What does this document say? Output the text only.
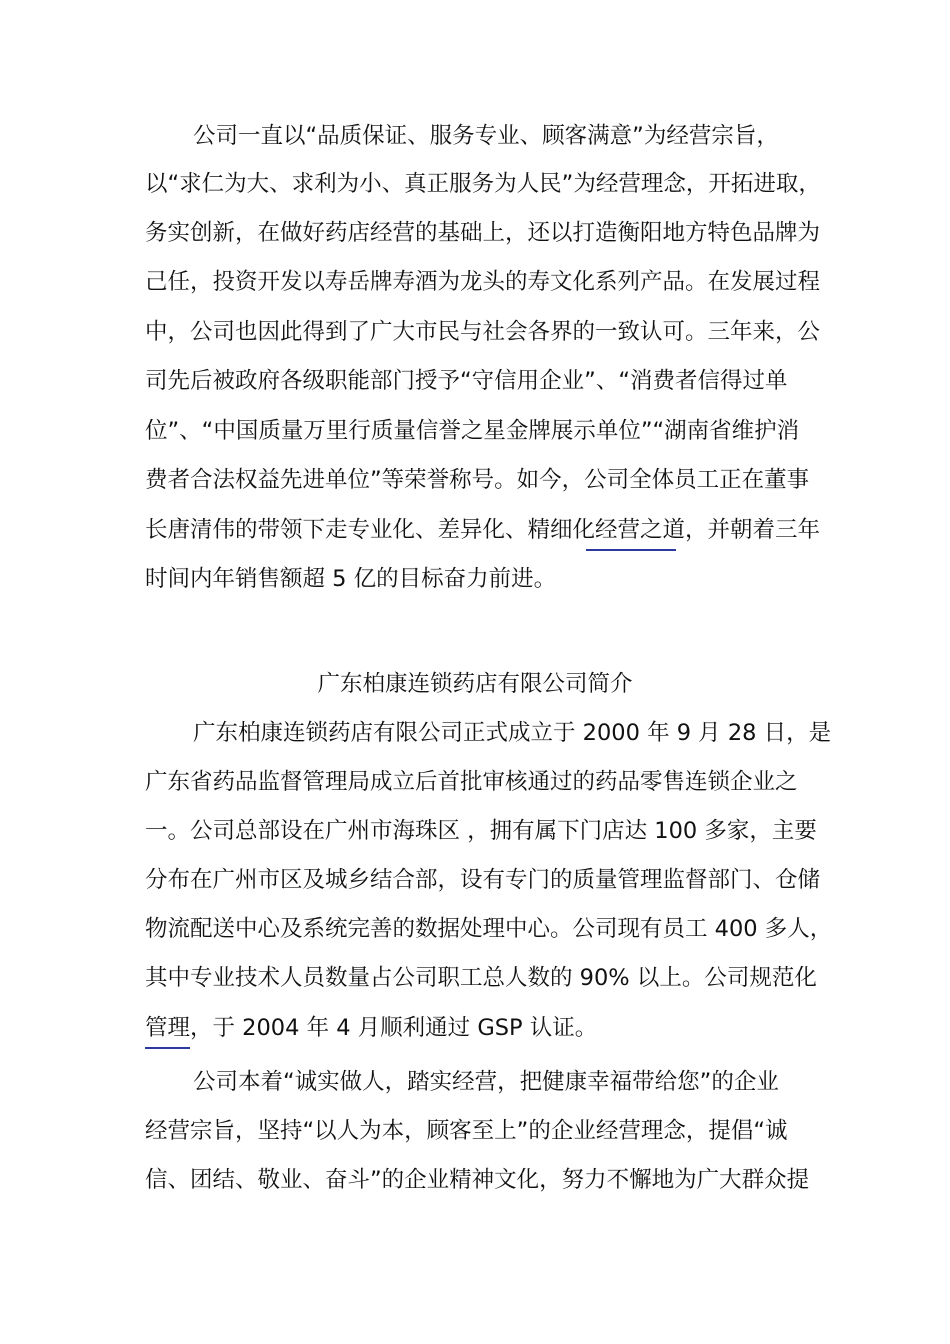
公司一直以“品质保证、服务专业、顾客满意”为经营宗旨，
以“求仁为大、求利为小、真正服务为人民”为经营理念，开拓进取，
务实创新，在做好药店经营的基础上，还以打造衡阳地方特色品牌为
己任，投资开发以寿岳牌寿酒为龙头的寿文化系列产品。在发展过程
中，公司也因此得到了广大市民与社会各界的一致认可。三年来，公
司先后被政府各级职能部门授予“守信用企业”、“消费者信得过单
位”、“中国质量万里行质量信誉之星金牌展示单位”“湖南省维护消
费者合法权益先进单位”等荣誉称号。如今，公司全体员工正在董事
长唐清伟的带领下走专业化、差异化、精细化经营之道，并朝着三年
时间内年销售额超 5 亿的目标奋力前进。
广东柏康连锁药店有限公司简介
广东柏康连锁药店有限公司正式成立于 2000 年 9 月 28 日，是
广东省药品监督管理局成立后首批审核通过的药品零售连锁企业之
一。公司总部设在广州市海珠区 ，拥有属下门店达 100 多家，主要
分布在广州市区及城乡结合部，设有专门的质量管理监督部门、仓储
物流配送中心及系统完善的数据处理中心。公司现有员工 400 多人，
其中专业技术人员数量占公司职工总人数的 90% 以上。公司规范化
管理，于 2004 年 4 月顺利通过 GSP 认证。
公司本着“诚实做人，踏实经营，把健康幸福带给您”的企业
经营宗旨，坚持“以人为本，顾客至上”的企业经营理念，提倡“诚
信、团结、敬业、奋斗”的企业精神文化，努力不懈地为广大群众提
